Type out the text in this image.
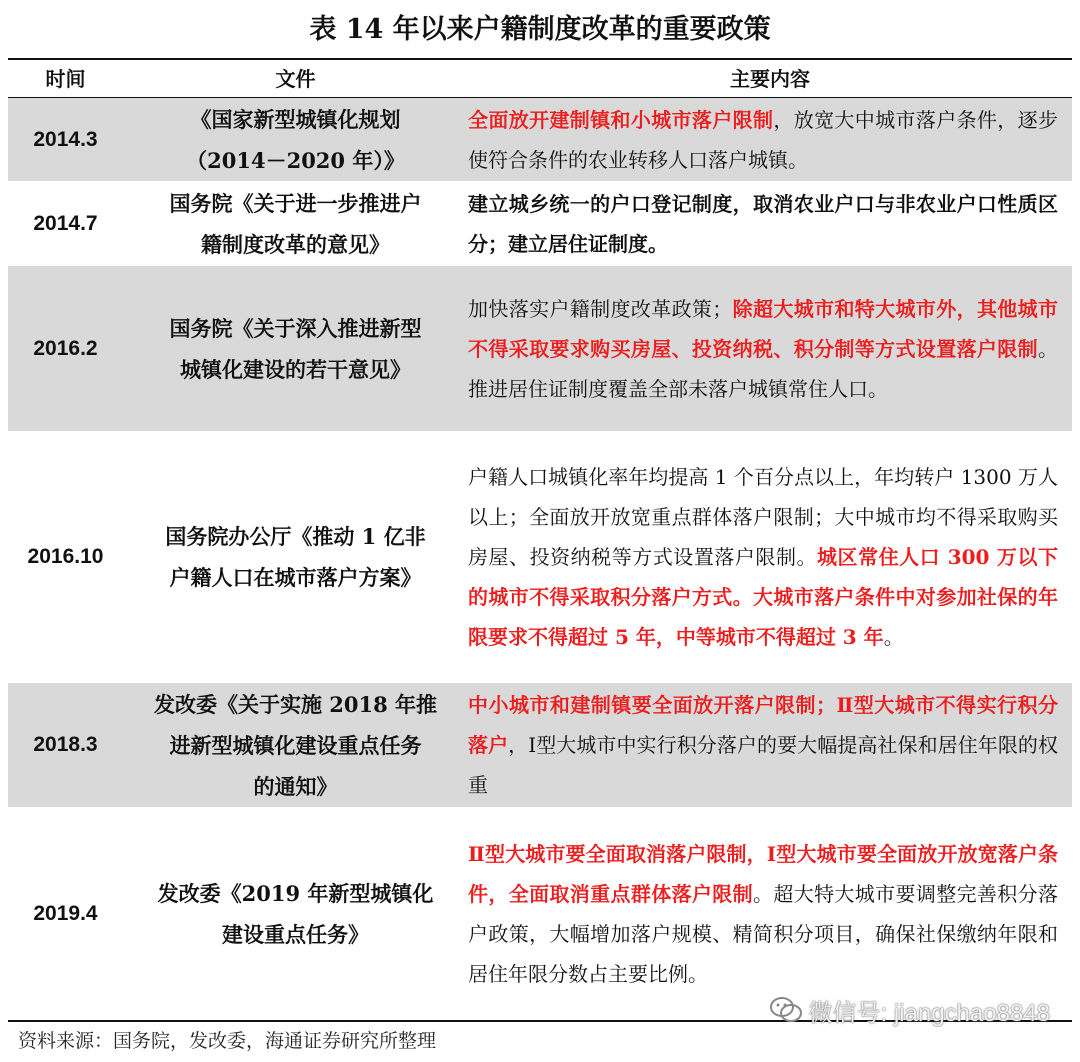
表 14 年以来户籍制度改革的重要政策
时间	文件	主要内容
2014.3
《国家新型城镇化规划
（2014－2020 年）》
全面放开建制镇和小城市落户限制，放宽大中城市落户条件，逐步使符合条件的农业转移人口落户城镇。
2014.7
国务院《关于进一步推进户
籍制度改革的意见》
建立城乡统一的户口登记制度，取消农业户口与非农业户口性质区分；建立居住证制度。
2016.2
国务院《关于深入推进新型
城镇化建设的若干意见》
加快落实户籍制度改革政策；除超大城市和特大城市外，其他城市不得采取要求购买房屋、投资纳税、积分制等方式设置落户限制。推进居住证制度覆盖全部未落户城镇常住人口。
2016.10
国务院办公厅《推动 1 亿非
户籍人口在城市落户方案》
户籍人口城镇化率年均提高 1 个百分点以上，年均转户 1300 万人以上；全面放开放宽重点群体落户限制；大中城市均不得采取购买房屋、投资纳税等方式设置落户限制。城区常住人口 300 万以下的城市不得采取积分落户方式。大城市落户条件中对参加社保的年限要求不得超过 5 年，中等城市不得超过 3 年。
2018.3
发改委《关于实施 2018 年推
进新型城镇化建设重点任务
的通知》
中小城市和建制镇要全面放开落户限制；Ⅱ型大城市不得实行积分落户，Ⅰ型大城市中实行积分落户的要大幅提高社保和居住年限的权重
2019.4
发改委《2019 年新型城镇化
建设重点任务》
Ⅱ型大城市要全面取消落户限制，Ⅰ型大城市要全面放开放宽落户条件，全面取消重点群体落户限制。超大特大城市要调整完善积分落户政策，大幅增加落户规模、精简积分项目，确保社保缴纳年限和居住年限分数占主要比例。
资料来源：国务院，发改委，海通证券研究所整理
微信号: jiangchao8848
